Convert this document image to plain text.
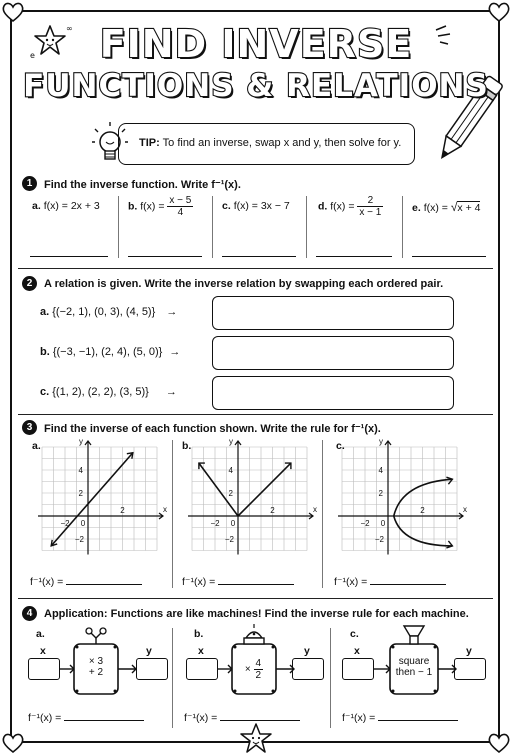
∞
e	FIND INVERSE
FUNCTIONS & RELATIONS
TIP: To find an inverse, swap x and y, then solve for y.
1	Find the inverse function. Write f⁻¹(x).
a. f(x) = 2x + 3	b. $f(x) = \frac{x - 5}{4}$	c. f(x) = 3x − 7	d. $f(x) = \frac{2}{x - 1}$	e. f(x) = √x + 4
2	A relation is given. Write the inverse relation by swapping each ordered pair.
a. {(−2, 1), (0, 3), (4, 5)} →
b. {(−3, −1), (2, 4), (5, 0)} →
c. {(1, 2), (2, 2), (3, 5)} →
3	Find the inverse of each function shown. Write the rule for f⁻¹(x).
a.	b.	c.
x
y
−2
2
0
2
4
−2
x
y
−2
2
0
2
4
−2
x
y
−2
2
0
2
4
−2
f⁻¹(x) =	f⁻¹(x) =	f⁻¹(x) =
4	Application: Functions are like machines! Find the inverse rule for each machine.
a.
x	y
× 3
+ 2
b.
x	y
× $\frac{4}{2}$
c.
x	y
square
then − 1
f⁻¹(x) =	f⁻¹(x) =	f⁻¹(x) =
